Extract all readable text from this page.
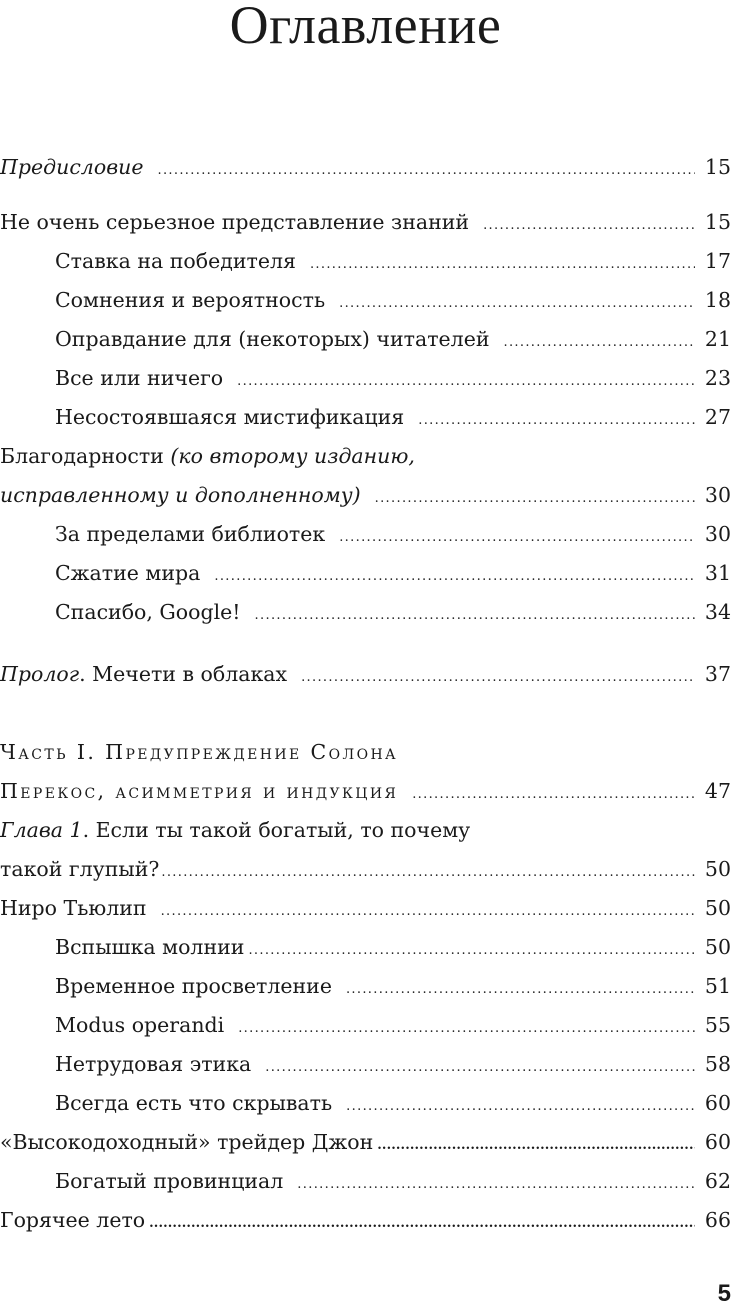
Оглавление
Предисловие . . .	15
Не очень серьезное представление знаний . . .	15
Ставка на победителя . . .	17
Сомнения и вероятность . . .	18
Оправдание для (некоторых) читателей . . .	21
Все или ничего . . .	23
Несостоявшаяся мистификация . . .	27
Благодарности (ко второму изданию,
исправленному и дополненному) . . .	30
За пределами библиотек . . .	30
Сжатие мира . . .	31
Спасибо, Google! . . .	34
Пролог. Мечети в облаках . . .	37
Часть I. Предупреждение Солона
Перекос, асимметрия и индукция . . .	47
Глава 1. Если ты такой богатый, то почему
такой глупый? . . .	50
Ниро Тьюлип . . .	50
Вспышка молнии . . .	50
Временное просветление . . .	51
Modus operandi . . .	55
Нетрудовая этика . . .	58
Всегда есть что скрывать . . .	60
«Высокодоходный» трейдер Джон . . .	60
Богатый провинциал . . .	62
Горячее лето . . .	66
5
